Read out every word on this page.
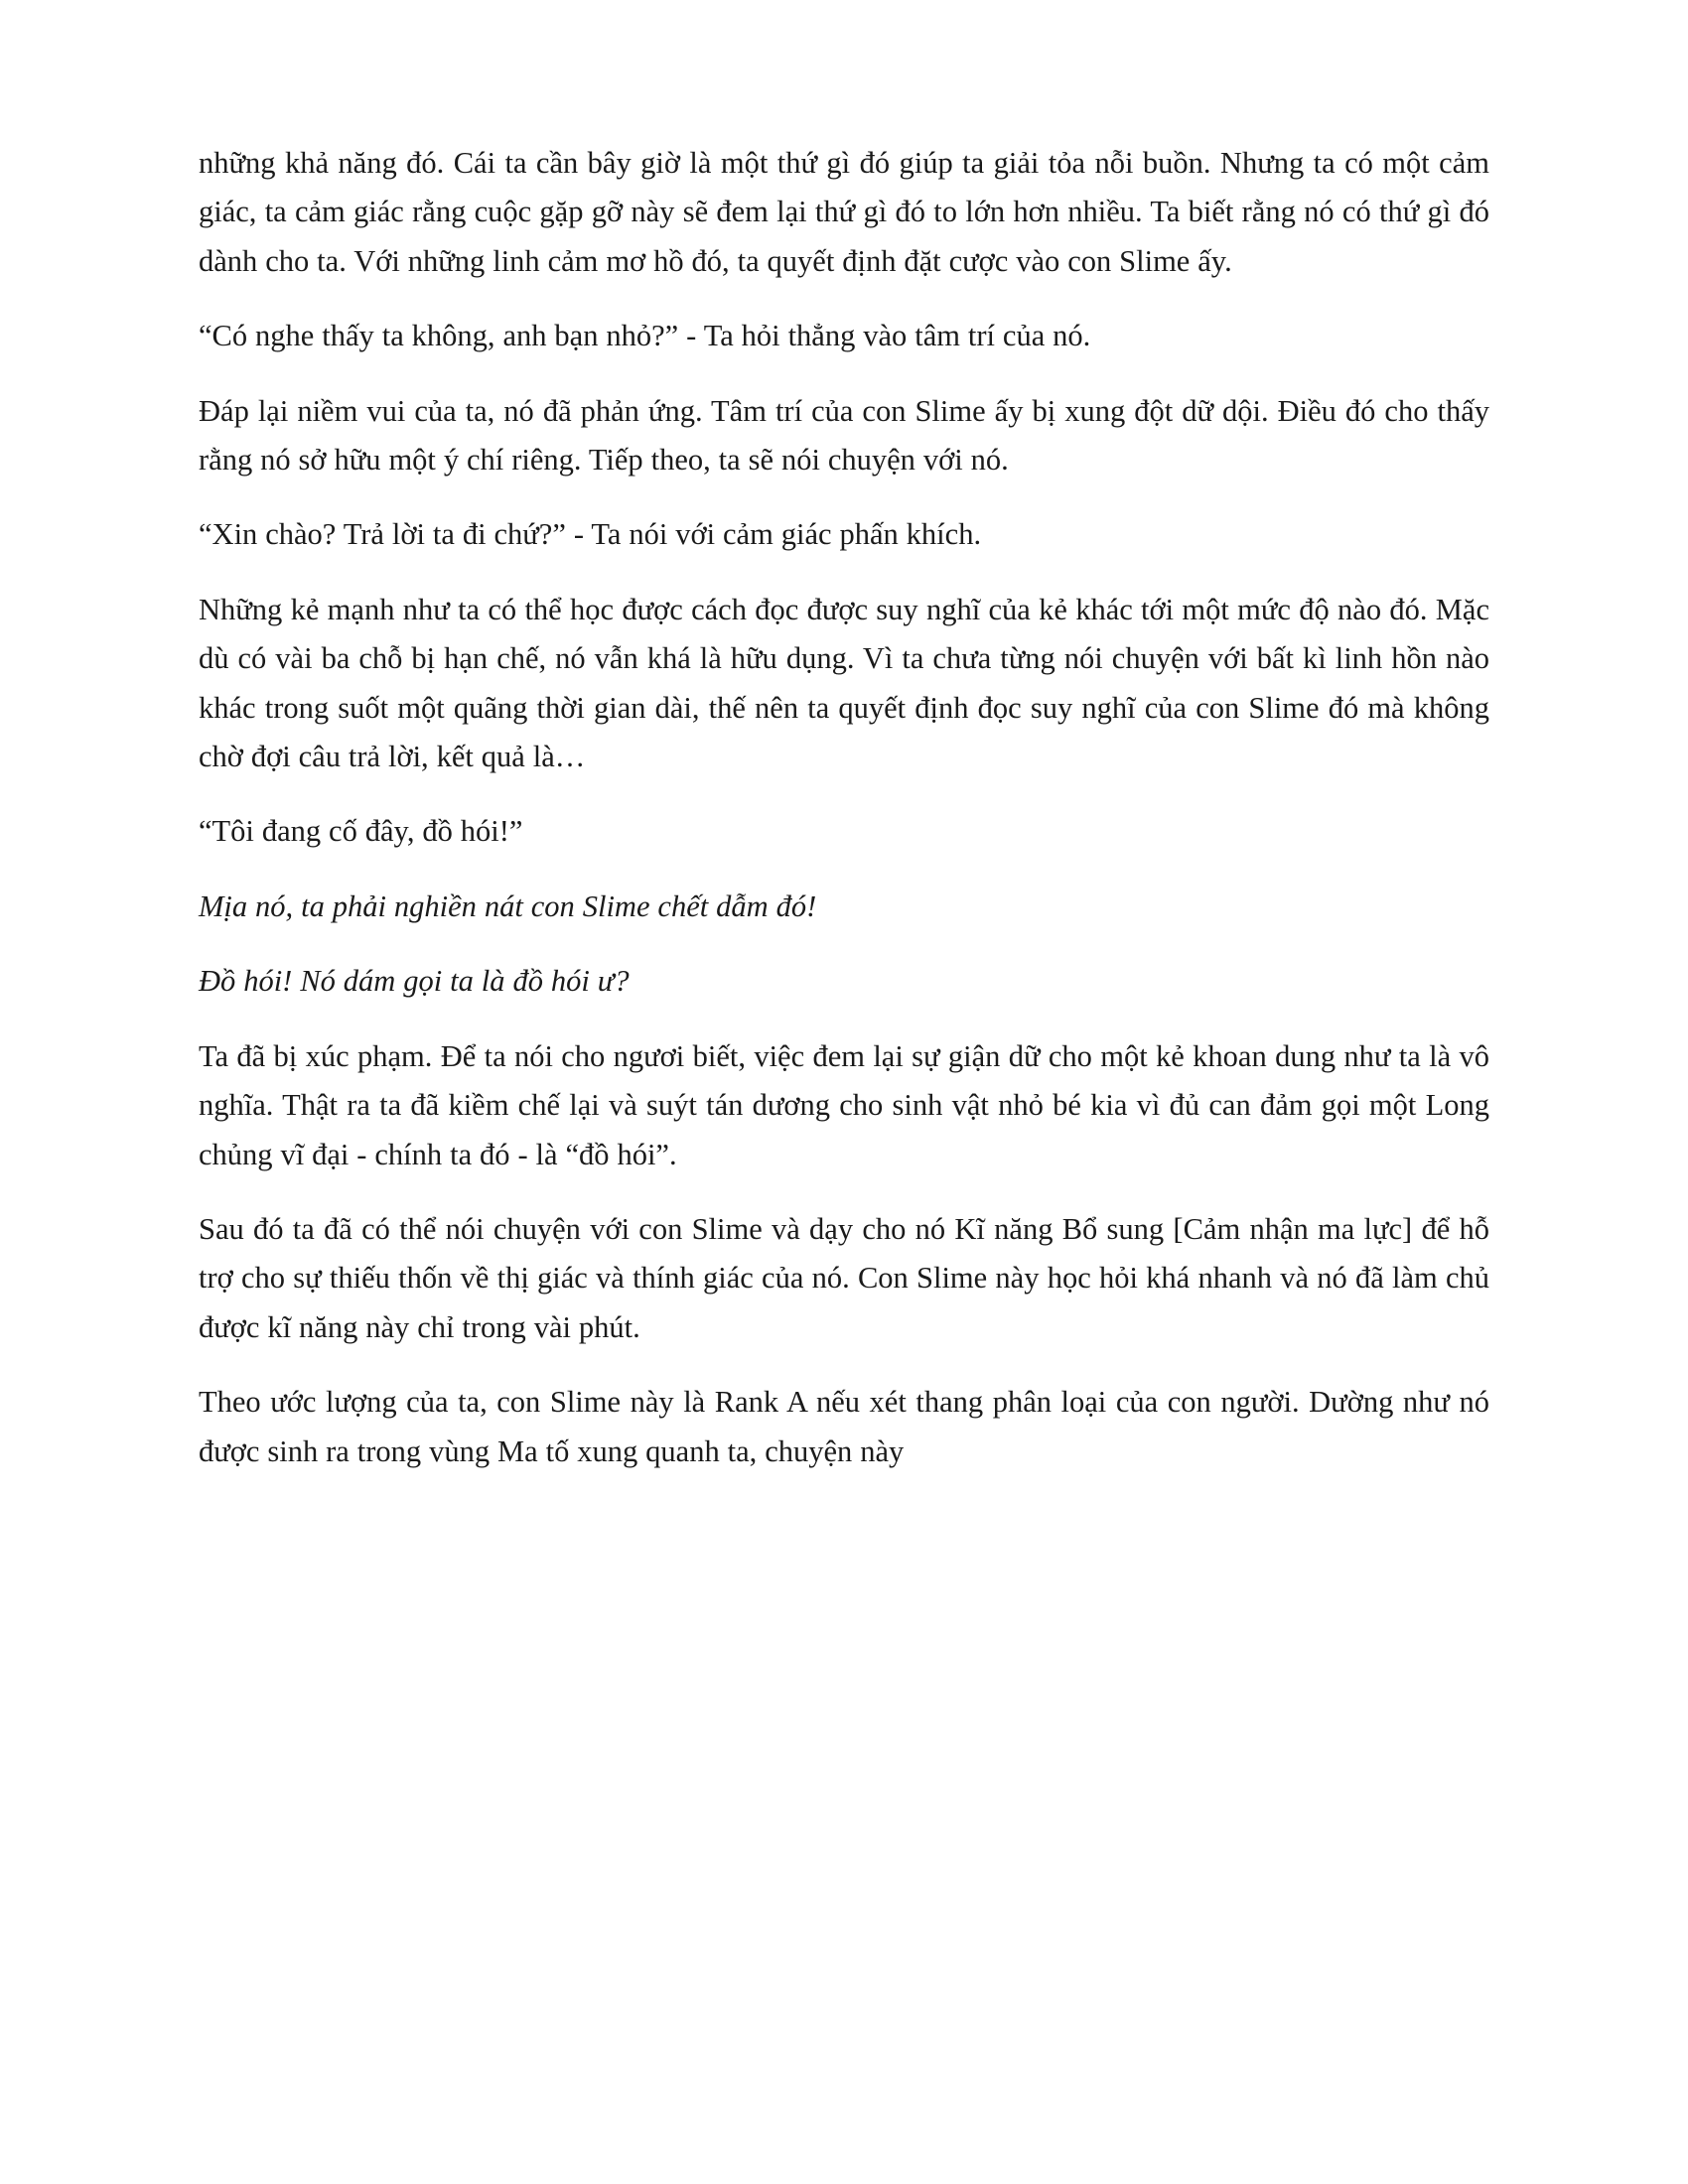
những khả năng đó. Cái ta cần bây giờ là một thứ gì đó giúp ta giải tỏa nỗi buồn. Nhưng ta có một cảm giác, ta cảm giác rằng cuộc gặp gỡ này sẽ đem lại thứ gì đó to lớn hơn nhiều. Ta biết rằng nó có thứ gì đó dành cho ta. Với những linh cảm mơ hồ đó, ta quyết định đặt cược vào con Slime ấy.

“Có nghe thấy ta không, anh bạn nhỏ?” - Ta hỏi thẳng vào tâm trí của nó.

Đáp lại niềm vui của ta, nó đã phản ứng. Tâm trí của con Slime ấy bị xung đột dữ dội. Điều đó cho thấy rằng nó sở hữu một ý chí riêng. Tiếp theo, ta sẽ nói chuyện với nó.

“Xin chào? Trả lời ta đi chứ?” - Ta nói với cảm giác phấn khích.

Những kẻ mạnh như ta có thể học được cách đọc được suy nghĩ của kẻ khác tới một mức độ nào đó. Mặc dù có vài ba chỗ bị hạn chế, nó vẫn khá là hữu dụng. Vì ta chưa từng nói chuyện với bất kì linh hồn nào khác trong suốt một quãng thời gian dài, thế nên ta quyết định đọc suy nghĩ của con Slime đó mà không chờ đợi câu trả lời, kết quả là…

“Tôi đang cố đây, đồ hói!”

Mịa nó, ta phải nghiền nát con Slime chết dẫm đó!

Đồ hói! Nó dám gọi ta là đồ hói ư?

Ta đã bị xúc phạm. Để ta nói cho ngươi biết, việc đem lại sự giận dữ cho một kẻ khoan dung như ta là vô nghĩa. Thật ra ta đã kiềm chế lại và suýt tán dương cho sinh vật nhỏ bé kia vì đủ can đảm gọi một Long chủng vĩ đại - chính ta đó - là “đồ hói”.

Sau đó ta đã có thể nói chuyện với con Slime và dạy cho nó Kĩ năng Bổ sung [Cảm nhận ma lực] để hỗ trợ cho sự thiếu thốn về thị giác và thính giác của nó. Con Slime này học hỏi khá nhanh và nó đã làm chủ được kĩ năng này chỉ trong vài phút.

Theo ước lượng của ta, con Slime này là Rank A nếu xét thang phân loại của con người. Dường như nó được sinh ra trong vùng Ma tố xung quanh ta, chuyện này
